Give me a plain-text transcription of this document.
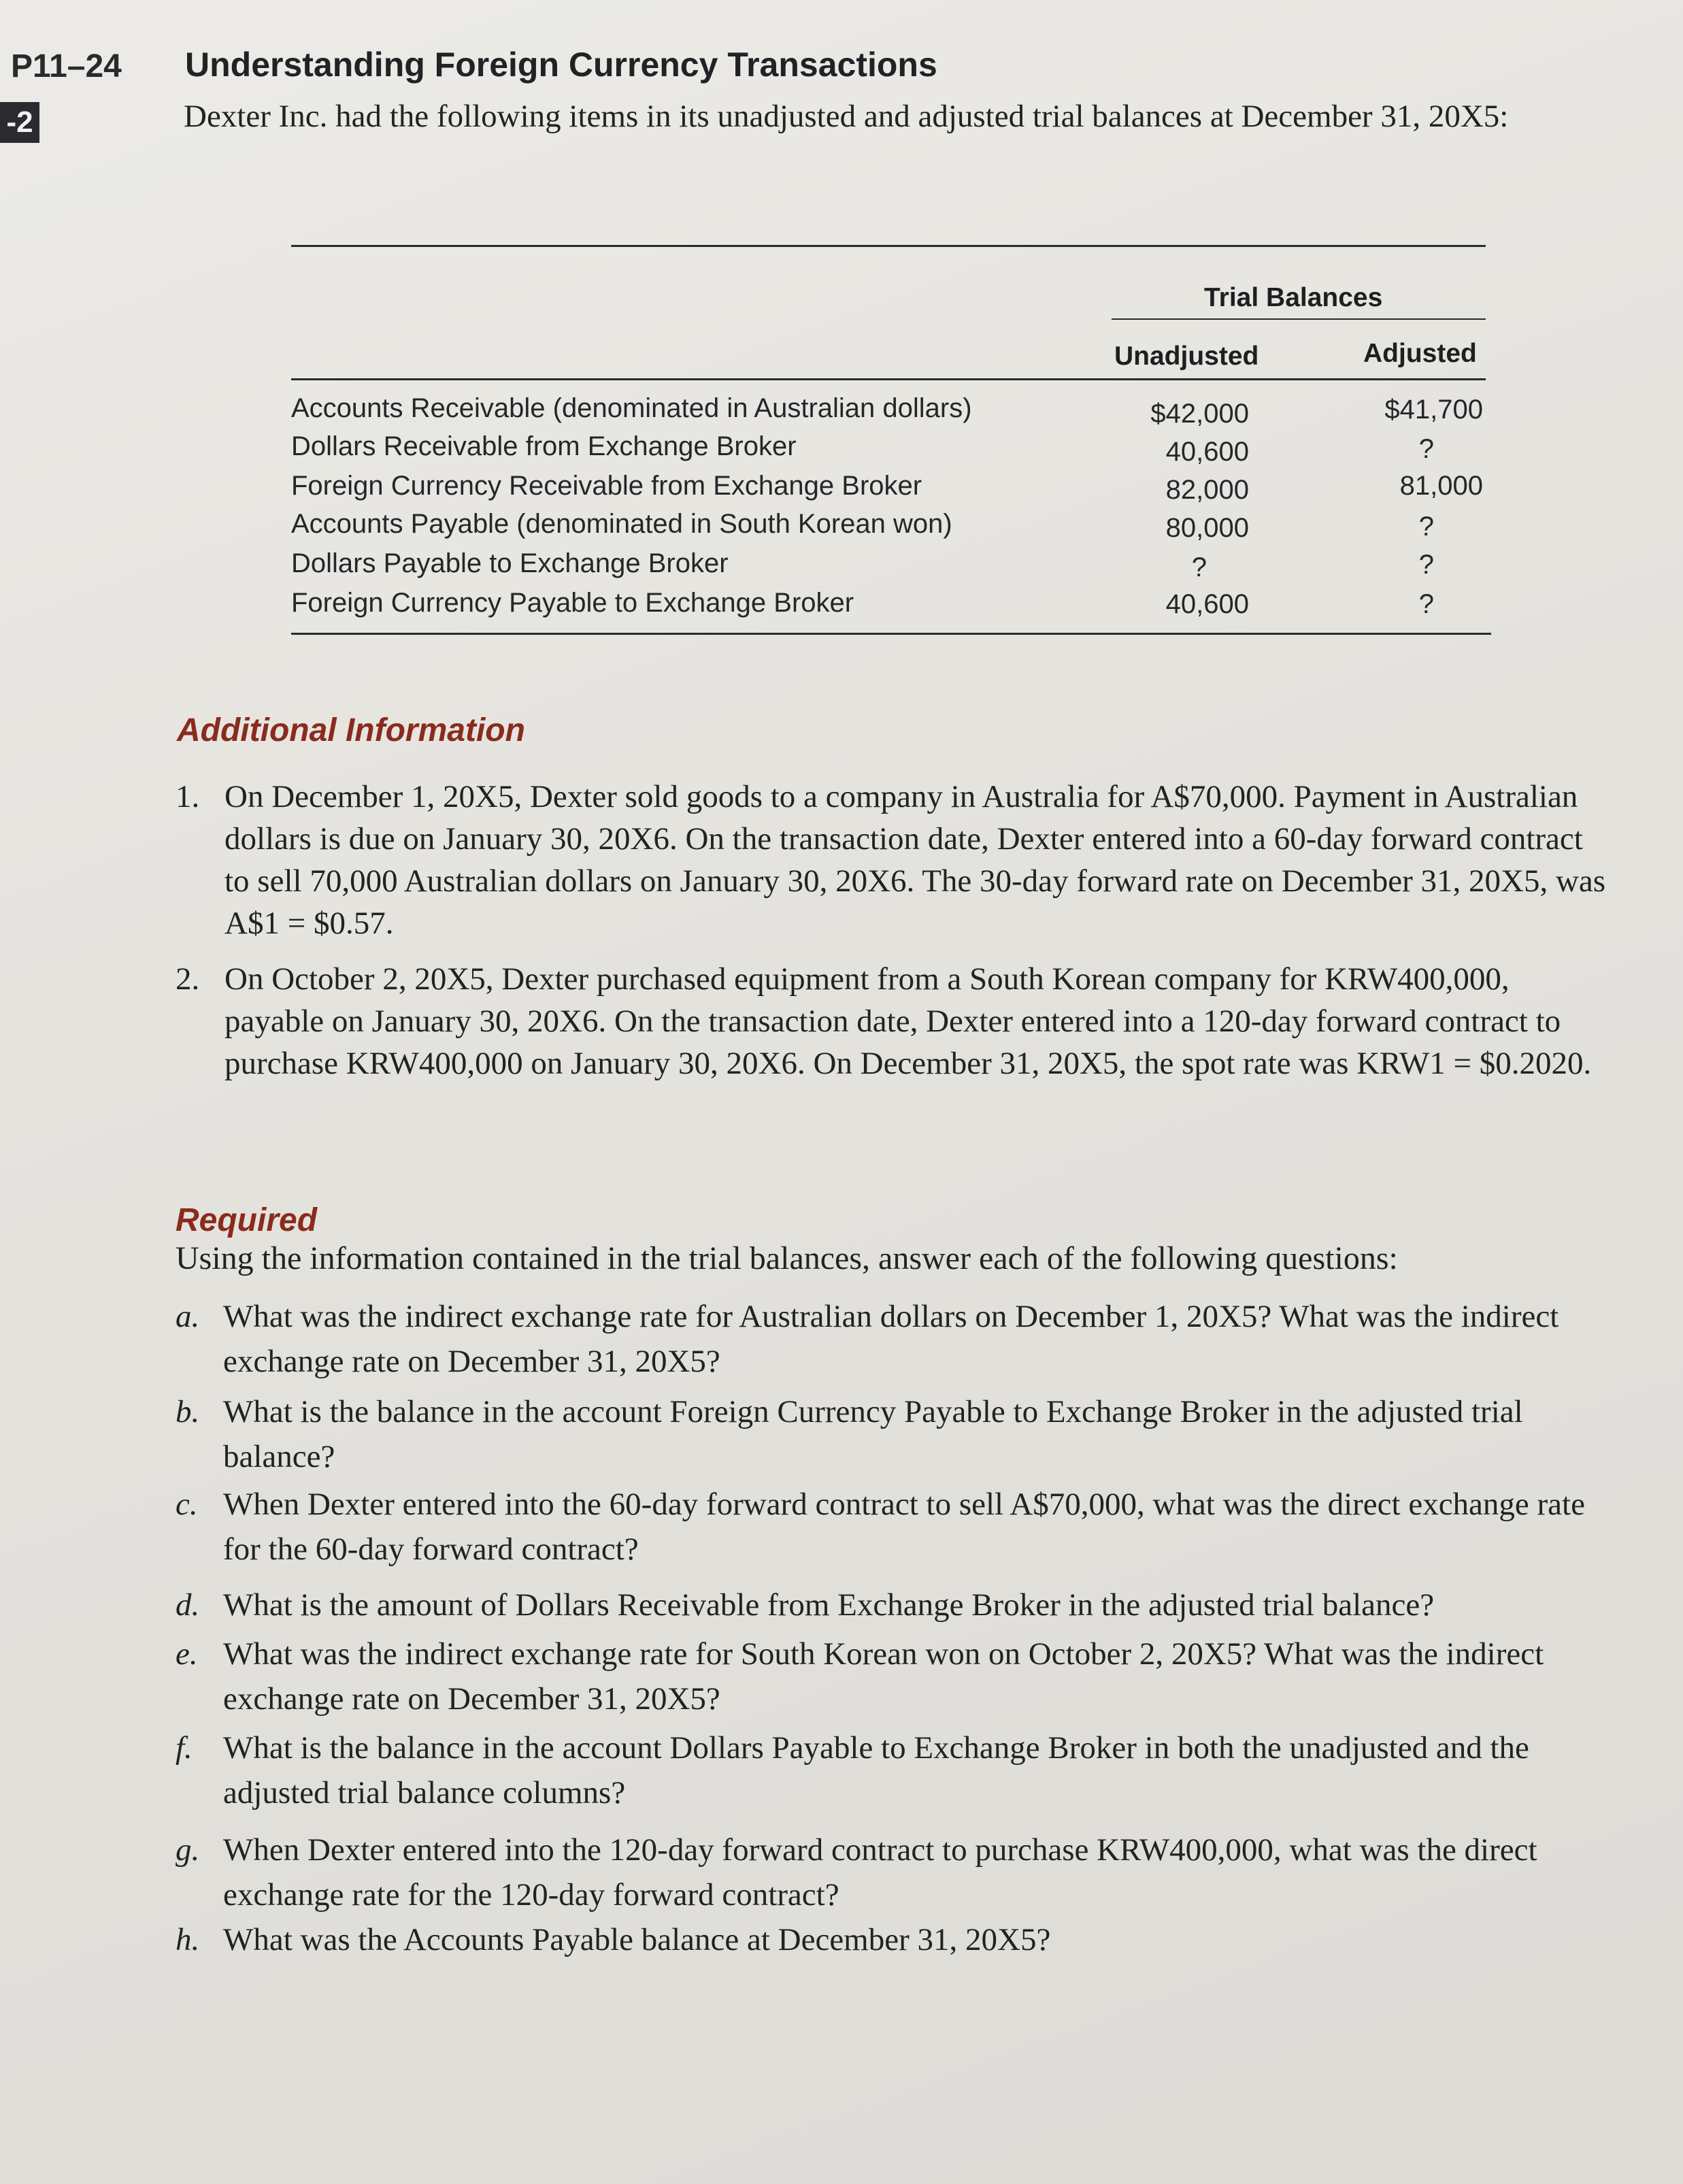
P11–24
-2
Understanding Foreign Currency Transactions
Dexter Inc. had the following items in its unadjusted and adjusted trial balances at December 31, 20X5:
Trial Balances
Unadjusted	Adjusted
Accounts Receivable (denominated in Australian dollars)	$42,000	$41,700
Dollars Receivable from Exchange Broker	40,600	?
Foreign Currency Receivable from Exchange Broker	82,000	81,000
Accounts Payable (denominated in South Korean won)	80,000	?
Dollars Payable to Exchange Broker	?	?
Foreign Currency Payable to Exchange Broker	40,600	?
Additional Information
1. On December 1, 20X5, Dexter sold goods to a company in Australia for A$70,000. Payment in Australian dollars is due on January 30, 20X6. On the transaction date, Dexter entered into a 60-day forward contract to sell 70,000 Australian dollars on January 30, 20X6. The 30-day forward rate on December 31, 20X5, was A$1 = $0.57.
2. On October 2, 20X5, Dexter purchased equipment from a South Korean company for KRW400,000, payable on January 30, 20X6. On the transaction date, Dexter entered into a 120-day forward contract to purchase KRW400,000 on January 30, 20X6. On December 31, 20X5, the spot rate was KRW1 = $0.2020.
Required
Using the information contained in the trial balances, answer each of the following questions:
a. What was the indirect exchange rate for Australian dollars on December 1, 20X5? What was the indirect exchange rate on December 31, 20X5?
b. What is the balance in the account Foreign Currency Payable to Exchange Broker in the adjusted trial balance?
c. When Dexter entered into the 60-day forward contract to sell A$70,000, what was the direct exchange rate for the 60-day forward contract?
d. What is the amount of Dollars Receivable from Exchange Broker in the adjusted trial balance?
e. What was the indirect exchange rate for South Korean won on October 2, 20X5? What was the indirect exchange rate on December 31, 20X5?
f. What is the balance in the account Dollars Payable to Exchange Broker in both the unadjusted and the adjusted trial balance columns?
g. When Dexter entered into the 120-day forward contract to purchase KRW400,000, what was the direct exchange rate for the 120-day forward contract?
h. What was the Accounts Payable balance at December 31, 20X5?
